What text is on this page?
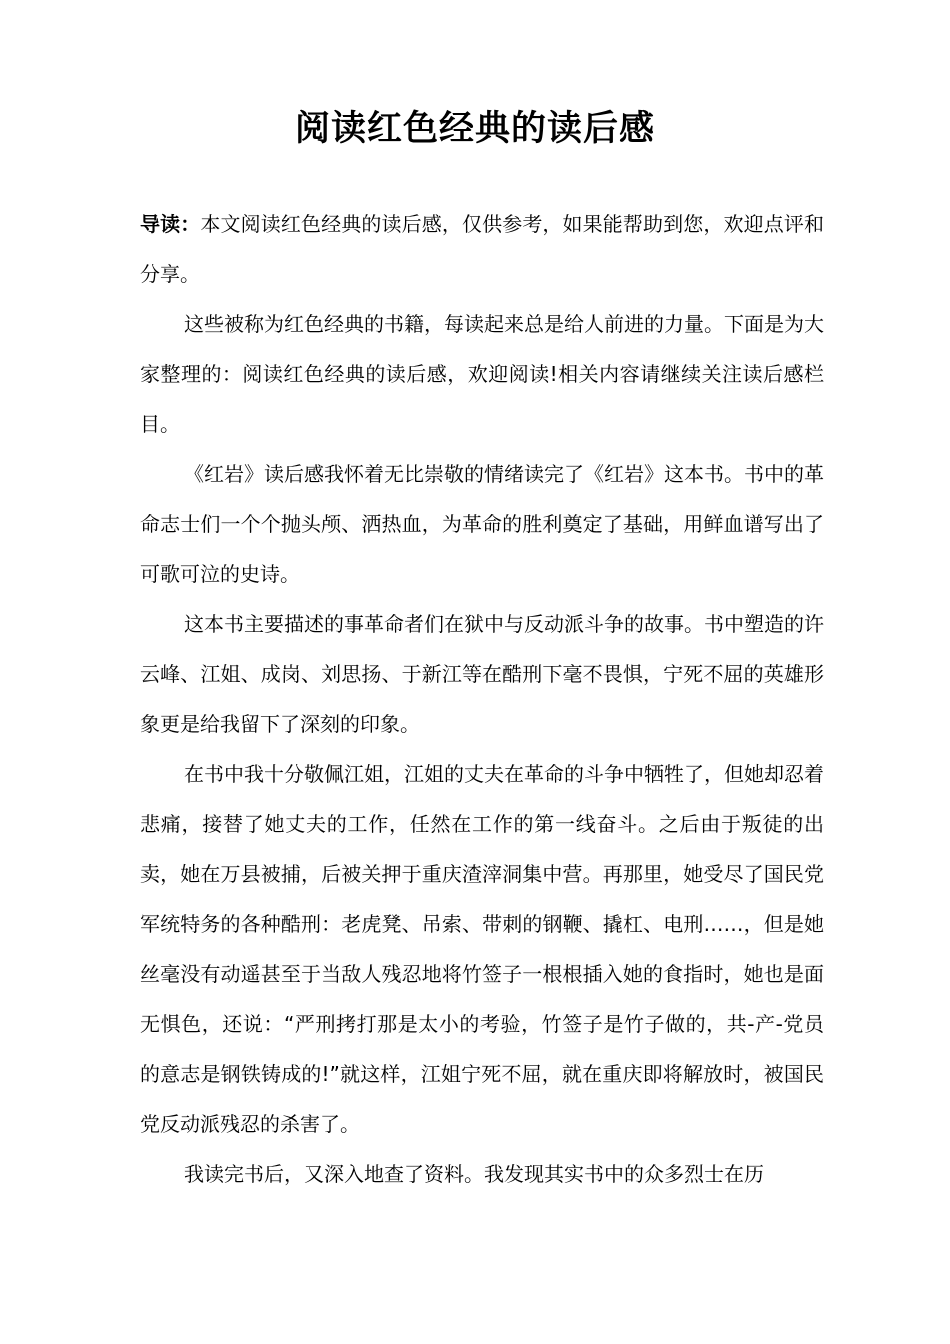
阅读红色经典的读后感

导读：本文阅读红色经典的读后感，仅供参考，如果能帮助到您，欢迎点评和分享。

这些被称为红色经典的书籍，每读起来总是给人前进的力量。下面是为大家整理的：阅读红色经典的读后感，欢迎阅读!相关内容请继续关注读后感栏目。

《红岩》读后感我怀着无比崇敬的情绪读完了《红岩》这本书。书中的革命志士们一个个抛头颅、洒热血，为革命的胜利奠定了基础，用鲜血谱写出了可歌可泣的史诗。

这本书主要描述的事革命者们在狱中与反动派斗争的故事。书中塑造的许云峰、江姐、成岗、刘思扬、于新江等在酷刑下毫不畏惧，宁死不屈的英雄形象更是给我留下了深刻的印象。

在书中我十分敬佩江姐，江姐的丈夫在革命的斗争中牺牲了，但她却忍着悲痛，接替了她丈夫的工作，任然在工作的第一线奋斗。之后由于叛徒的出卖，她在万县被捕，后被关押于重庆渣滓洞集中营。再那里，她受尽了国民党军统特务的各种酷刑：老虎凳、吊索、带刺的钢鞭、撬杠、电刑……，但是她丝毫没有动遥甚至于当敌人残忍地将竹签子一根根插入她的食指时，她也是面无惧色，还说：“严刑拷打那是太小的考验，竹签子是竹子做的，共-产-党员的意志是钢铁铸成的!”就这样，江姐宁死不屈，就在重庆即将解放时，被国民党反动派残忍的杀害了。

我读完书后，又深入地查了资料。我发现其实书中的众多烈士在历
